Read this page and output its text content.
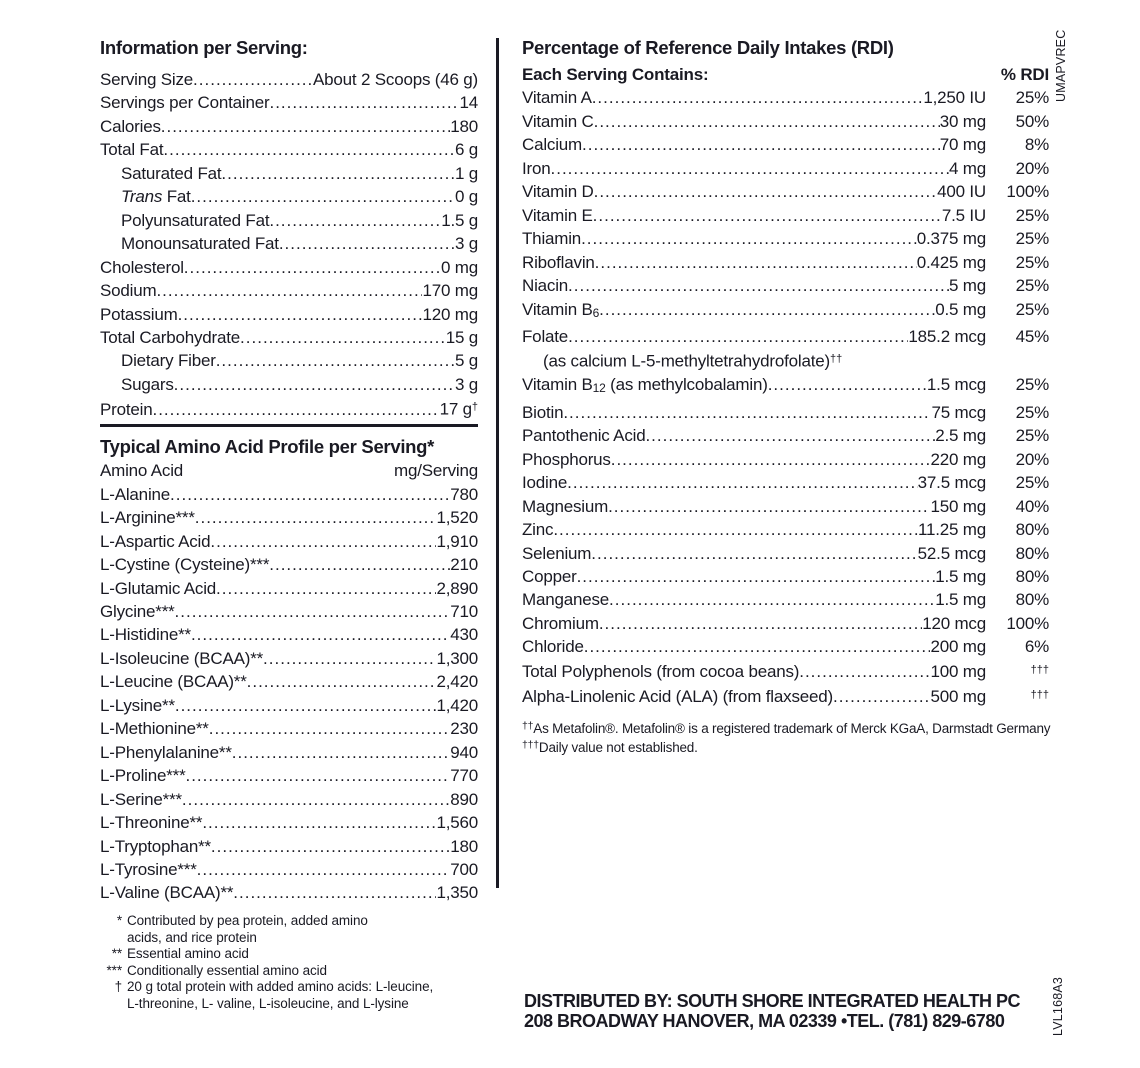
Information per Serving:
Serving Size .....	About 2 Scoops (46 g)
Servings per Container .....	14
Calories .....	180
Total Fat .....	6 g
Saturated Fat .....	1 g
Trans Fat .....	0 g
Polyunsaturated Fat .....	1.5 g
Monounsaturated Fat .....	3 g
Cholesterol .....	0 mg
Sodium .....	170 mg
Potassium .....	120 mg
Total Carbohydrate .....	15 g
Dietary Fiber .....	5 g
Sugars .....	3 g
Protein .....	17 g†
Typical Amino Acid Profile per Serving*
Amino Acid	mg/Serving
L-Alanine .....	780
L-Arginine*** .....	1,520
L-Aspartic Acid .....	1,910
L-Cystine (Cysteine)*** .....	210
L-Glutamic Acid .....	2,890
Glycine*** .....	710
L-Histidine** .....	430
L-Isoleucine (BCAA)** .....	1,300
L-Leucine (BCAA)** .....	2,420
L-Lysine** .....	1,420
L-Methionine** .....	230
L-Phenylalanine** .....	940
L-Proline*** .....	770
L-Serine*** .....	890
L-Threonine** .....	1,560
L-Tryptophan** .....	180
L-Tyrosine*** .....	700
L-Valine (BCAA)** .....	1,350
* Contributed by pea protein, added amino
acids, and rice protein
** Essential amino acid
*** Conditionally essential amino acid
† 20 g total protein with added amino acids: L-leucine,
L-threonine, L- valine, L-isoleucine, and L-lysine
Percentage of Reference Daily Intakes (RDI)
Each Serving Contains:	% RDI
Vitamin A .....	1,250 IU	25%
Vitamin C .....	30 mg	50%
Calcium .....	70 mg	8%
Iron .....	4 mg	20%
Vitamin D .....	400 IU	100%
Vitamin E .....	7.5 IU	25%
Thiamin .....	0.375 mg	25%
Riboflavin .....	0.425 mg	25%
Niacin .....	5 mg	25%
Vitamin B6 .....	0.5 mg	25%
Folate .....	185.2 mcg	45%
(as calcium L-5-methyltetrahydrofolate)††
Vitamin B12 (as methylcobalamin) .....	1.5 mcg	25%
Biotin .....	75 mcg	25%
Pantothenic Acid .....	2.5 mg	25%
Phosphorus .....	220 mg	20%
Iodine .....	37.5 mcg	25%
Magnesium .....	150 mg	40%
Zinc .....	11.25 mg	80%
Selenium .....	52.5 mcg	80%
Copper .....	1.5 mg	80%
Manganese .....	1.5 mg	80%
Chromium .....	120 mcg	100%
Chloride .....	200 mg	6%
Total Polyphenols (from cocoa beans) .....	100 mg	†††
Alpha-Linolenic Acid (ALA) (from flaxseed) .....	500 mg	†††
††As Metafolin®. Metafolin® is a registered trademark of Merck KGaA, Darmstadt Germany
†††Daily value not established.
DISTRIBUTED BY: SOUTH SHORE INTEGRATED HEALTH PC
208 BROADWAY HANOVER, MA 02339 •TEL. (781) 829-6780
UMAPVREC
LVL168A3
